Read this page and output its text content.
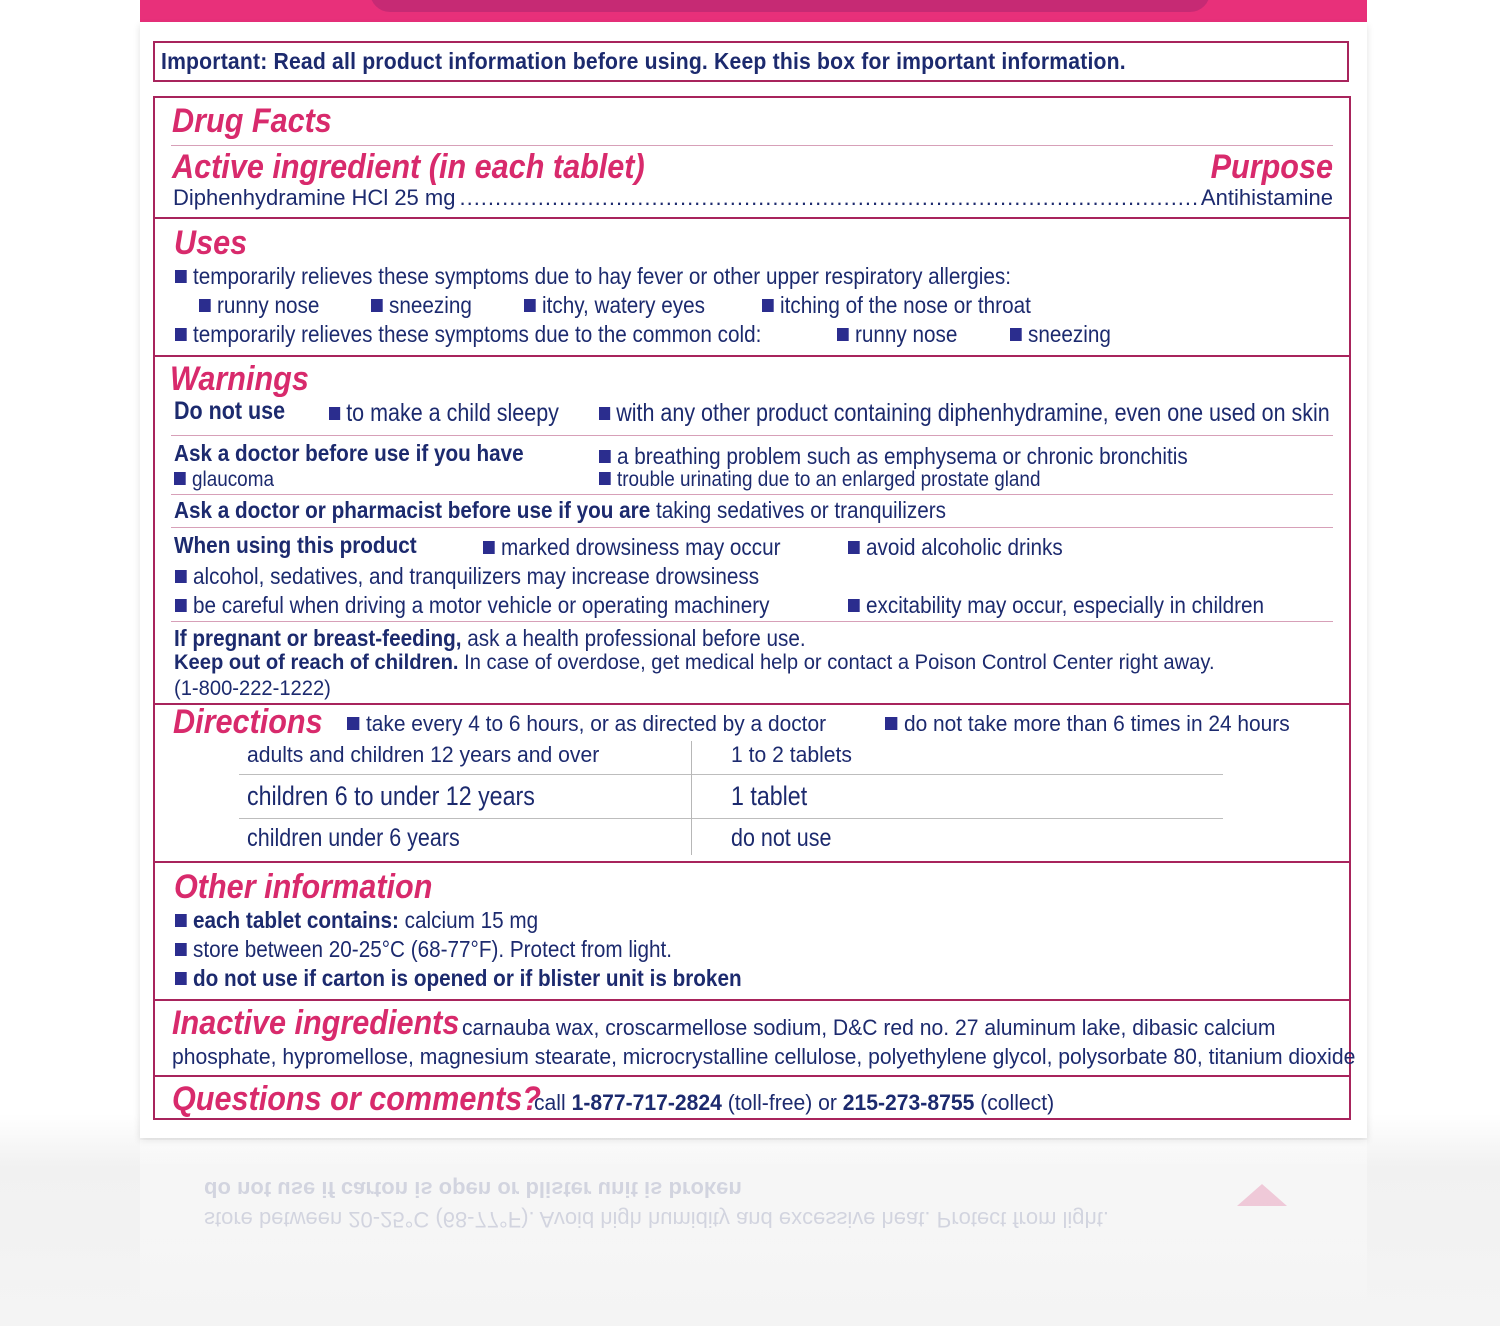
Important: Read all product information before using. Keep this box for important information.
Drug Facts
Active ingredient (in each tablet)	Purpose
Diphenhydramine HCl 25 mg
.....	Antihistamine
Uses
temporarily relieves these symptoms due to hay fever or other upper respiratory allergies:
runny nose	sneezing	itchy, watery eyes	itching of the nose or throat
temporarily relieves these symptoms due to the common cold:	runny nose	sneezing
Warnings
Do not use	to make a child sleepy	with any other product containing diphenhydramine, even one used on skin
Ask a doctor before use if you have	a breathing problem such as emphysema or chronic bronchitis
glaucoma	trouble urinating due to an enlarged prostate gland
Ask a doctor or pharmacist before use if you are taking sedatives or tranquilizers
When using this product	marked drowsiness may occur	avoid alcoholic drinks
alcohol, sedatives, and tranquilizers may increase drowsiness
be careful when driving a motor vehicle or operating machinery	excitability may occur, especially in children
If pregnant or breast-feeding, ask a health professional before use.
Keep out of reach of children. In case of overdose, get medical help or contact a Poison Control Center right away.
(1-800-222-1222)
Directions	take every 4 to 6 hours, or as directed by a doctor	do not take more than 6 times in 24 hours
adults and children 12 years and over	1 to 2 tablets
children 6 to under 12 years	1 tablet
children under 6 years	do not use
Other information
each tablet contains: calcium 15 mg
store between 20-25°C (68-77°F). Protect from light.
do not use if carton is opened or if blister unit is broken
Inactive ingredients carnauba wax, croscarmellose sodium, D&C red no. 27 aluminum lake, dibasic calcium
phosphate, hypromellose, magnesium stearate, microcrystalline cellulose, polyethylene glycol, polysorbate 80, titanium dioxide
Questions or comments?
call 1-877-717-2824 (toll-free) or 215-273-8755 (collect)
do not use if carton is open or blister unit is broken
store between 20-25°C (68-77°F). Avoid high humidity and excessive heat. Protect from light.
